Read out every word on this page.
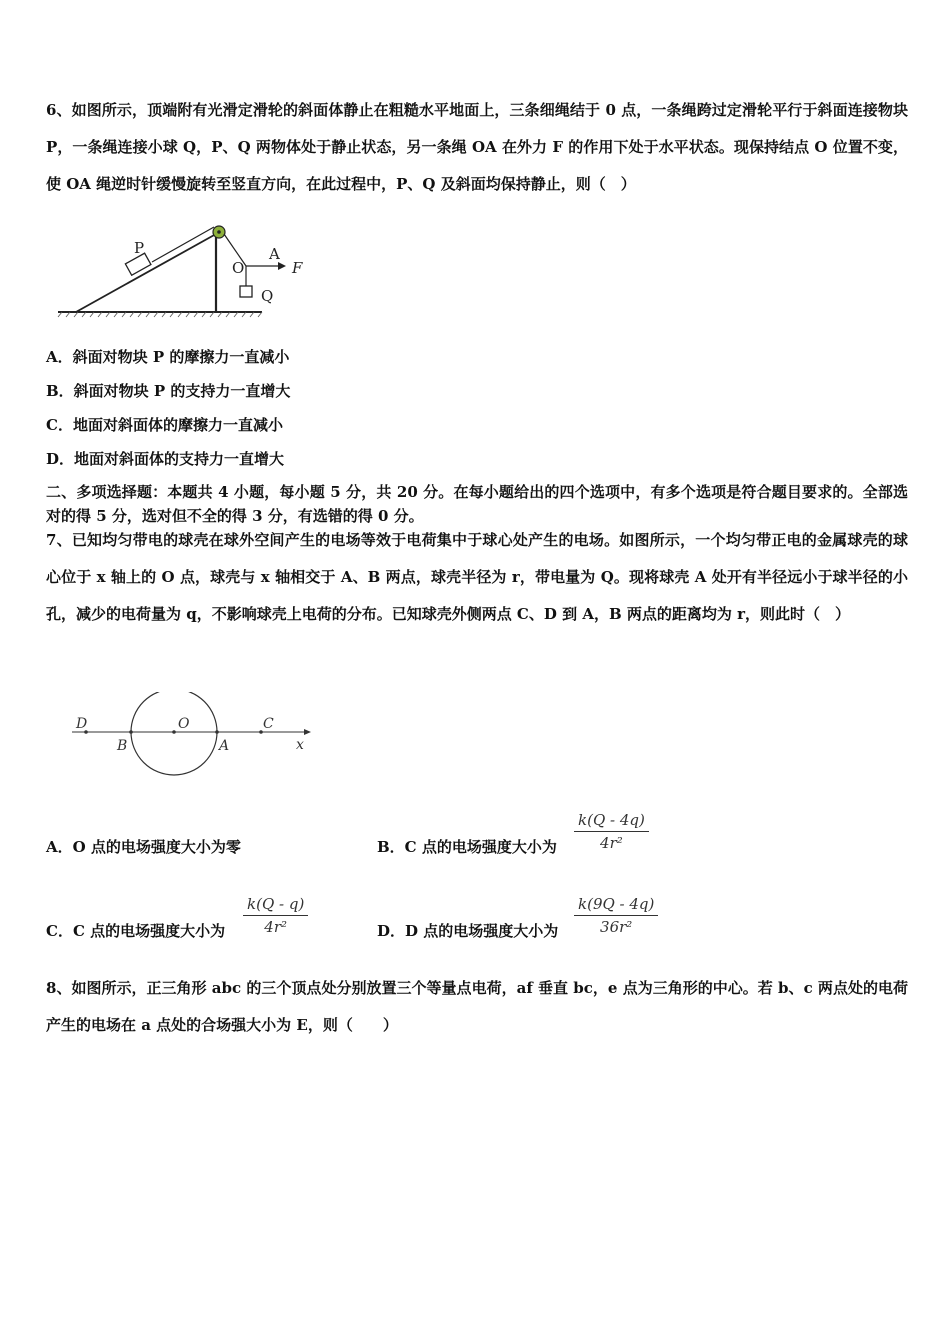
6、如图所示，顶端附有光滑定滑轮的斜面体静止在粗糙水平地面上，三条细绳结于 0 点，一条绳跨过定滑轮平行于斜面连接物块 P，一条绳连接小球 Q，P、Q 两物体处于静止状态，另一条绳 OA 在外力 F 的作用下处于水平状态。现保持结点 O 位置不变，使 OA 绳逆时针缓慢旋转至竖直方向，在此过程中，P、Q 及斜面均保持静止，则（　）
P
O
A
F
Q
A．斜面对物块 P 的摩擦力一直减小
B．斜面对物块 P 的支持力一直增大
C．地面对斜面体的摩擦力一直减小
D．地面对斜面体的支持力一直增大
二、多项选择题：本题共 4 小题，每小题 5 分，共 20 分。在每小题给出的四个选项中，有多个选项是符合题目要求的。全部选对的得 5 分，选对但不全的得 3 分，有选错的得 0 分。
7、已知均匀带电的球壳在球外空间产生的电场等效于电荷集中于球心处产生的电场。如图所示，一个均匀带正电的金属球壳的球心位于 x 轴上的 O 点，球壳与 x 轴相交于 A、B 两点，球壳半径为 r，带电量为 Q。现将球壳 A 处开有半径远小于球半径的小孔，减少的电荷量为 q，不影响球壳上电荷的分布。已知球壳外侧两点 C、D 到 A，B 两点的距离均为 r，则此时（　）
D	O	C
B	A	x
A．O 点的电场强度大小为零	B．C 点的电场强度大小为 $\frac{k(Q - 4q)}{\text{4r²}}$
C．C 点的电场强度大小为 $\frac{k(Q - q)}{\text{4r²}}$	D．D 点的电场强度大小为 $\frac{k(9Q - 4q)}{\text{36r²}}$
8、如图所示，正三角形 abc 的三个顶点处分别放置三个等量点电荷，af 垂直 bc，e 点为三角形的中心。若 b、c 两点处的电荷产生的电场在 a 点处的合场强大小为 E，则（　　）
